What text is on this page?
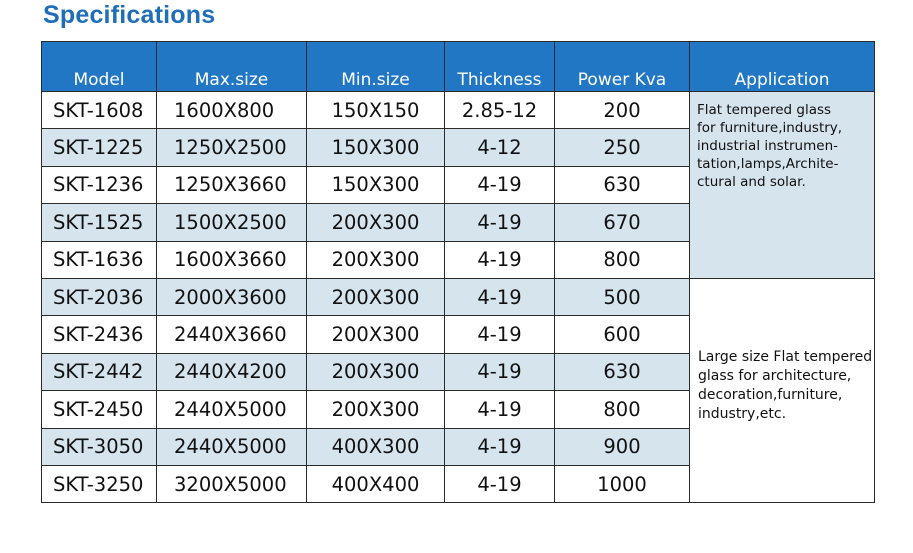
Specifications
Model	Max.size	Min.size	Thickness	Power Kva	Application
SKT-1608	1600X800	150X150	2.85-12	200	Flat tempered glass
for furniture,industry,
industrial instrumen-
tation,lamps,Archite-
ctural and solar.

SKT-1225	1250X2500	150X300	4-12	250	
SKT-1236	1250X3660	150X300	4-19	630	
SKT-1525	1500X2500	200X300	4-19	670	
SKT-1636	1600X3660	200X300	4-19	800	
SKT-2036	2000X3600	200X300	4-19	500	Large size Flat tempered
glass for architecture,
decoration,furniture,
industry,etc.

SKT-2436	2440X3660	200X300	4-19	600	
SKT-2442	2440X4200	200X300	4-19	630	
SKT-2450	2440X5000	200X300	4-19	800	
SKT-3050	2440X5000	400X300	4-19	900	
SKT-3250	3200X5000	400X400	4-19	1000	
